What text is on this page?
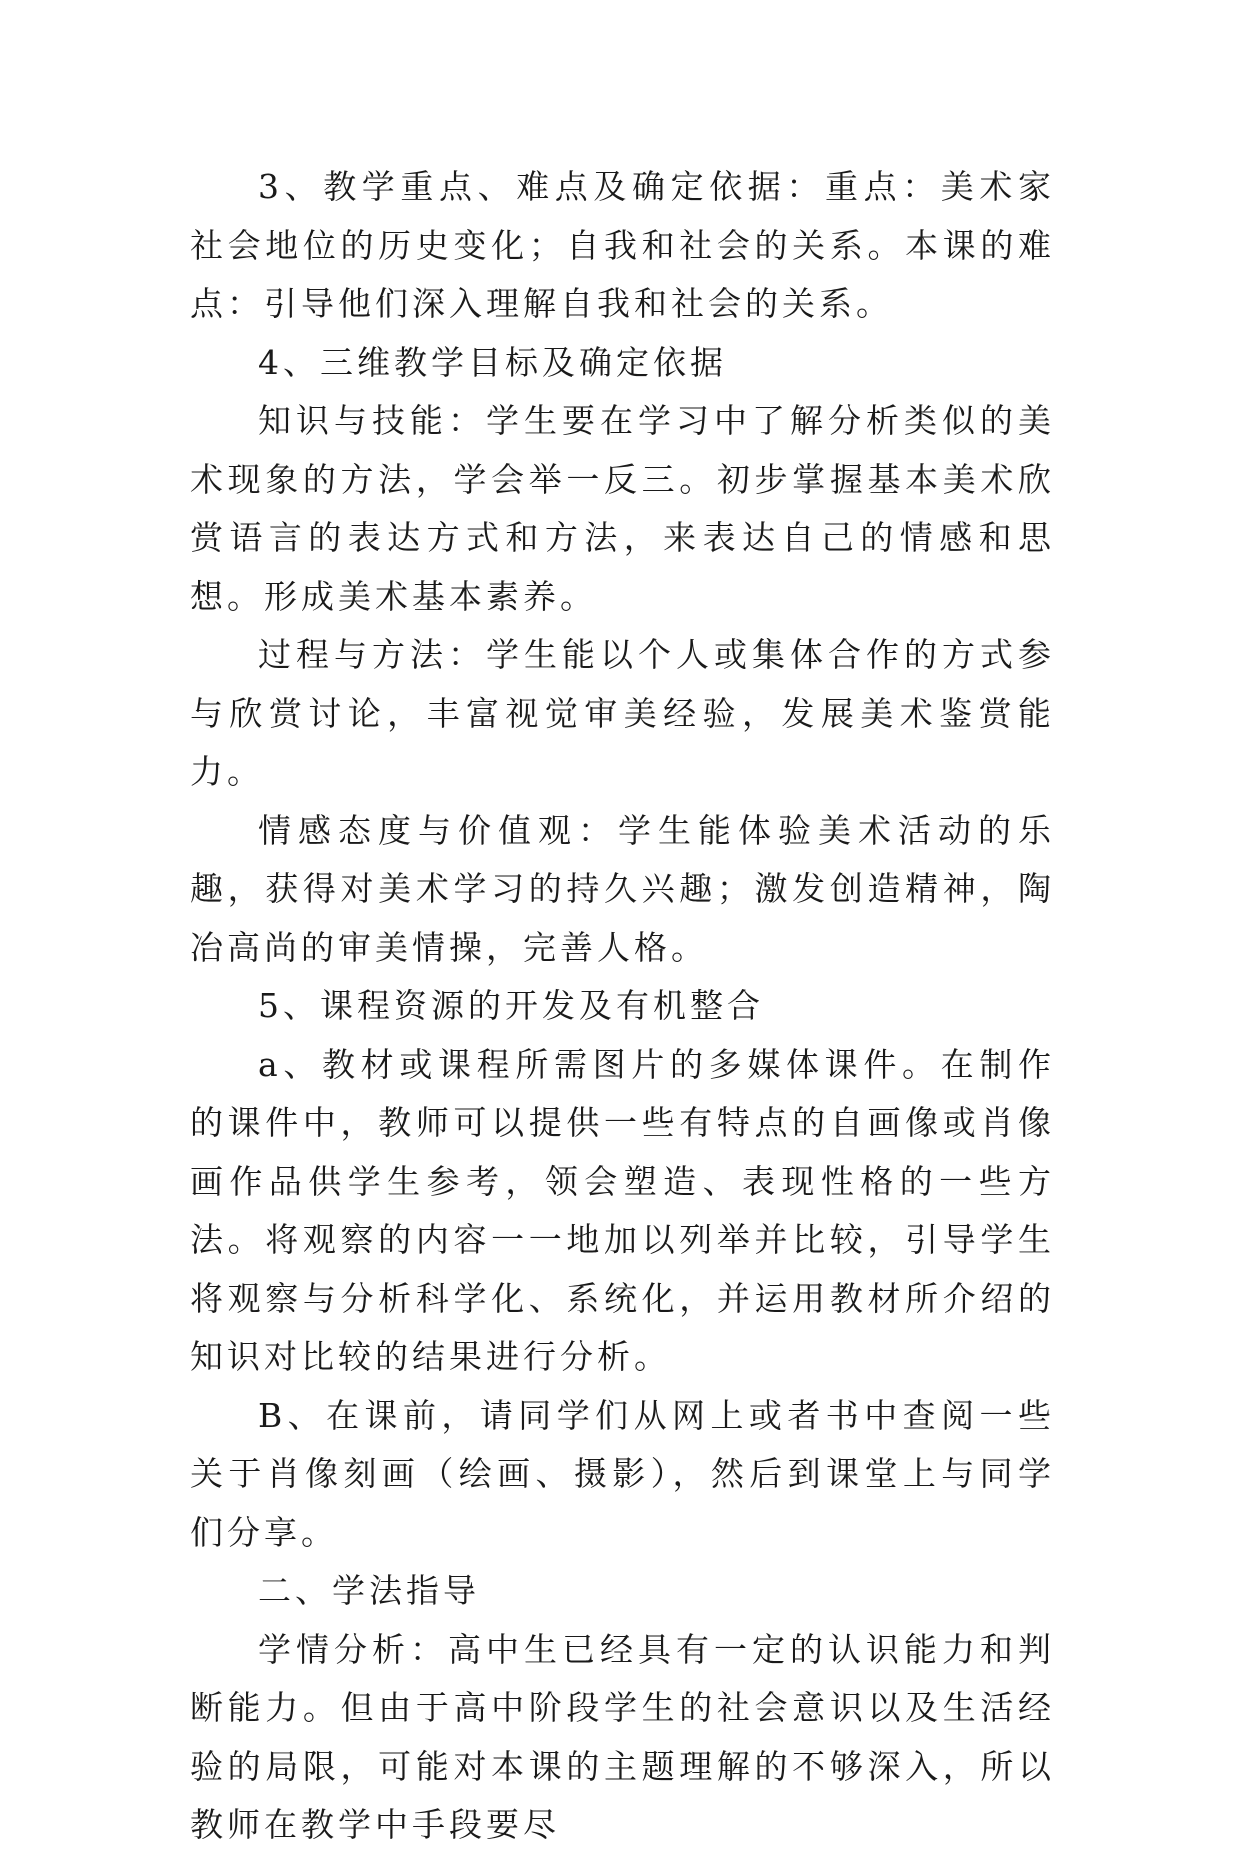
3、教学重点、难点及确定依据：重点：美术家社会地位的历史变化；自我和社会的关系。本课的难点：引导他们深入理解自我和社会的关系。

4、三维教学目标及确定依据

知识与技能：学生要在学习中了解分析类似的美术现象的方法，学会举一反三。初步掌握基本美术欣赏语言的表达方式和方法，来表达自己的情感和思想。形成美术基本素养。

过程与方法：学生能以个人或集体合作的方式参与欣赏讨论，丰富视觉审美经验，发展美术鉴赏能力。

情感态度与价值观：学生能体验美术活动的乐趣，获得对美术学习的持久兴趣；激发创造精神，陶冶高尚的审美情操，完善人格。

5、课程资源的开发及有机整合

a、教材或课程所需图片的多媒体课件。在制作的课件中，教师可以提供一些有特点的自画像或肖像画作品供学生参考，领会塑造、表现性格的一些方法。将观察的内容一一地加以列举并比较，引导学生将观察与分析科学化、系统化，并运用教材所介绍的知识对比较的结果进行分析。

B、在课前，请同学们从网上或者书中查阅一些关于肖像刻画（绘画、摄影），然后到课堂上与同学们分享。

二、学法指导

学情分析：高中生已经具有一定的认识能力和判断能力。但由于高中阶段学生的社会意识以及生活经验的局限，可能对本课的主题理解的不够深入，所以教师在教学中手段要尽
